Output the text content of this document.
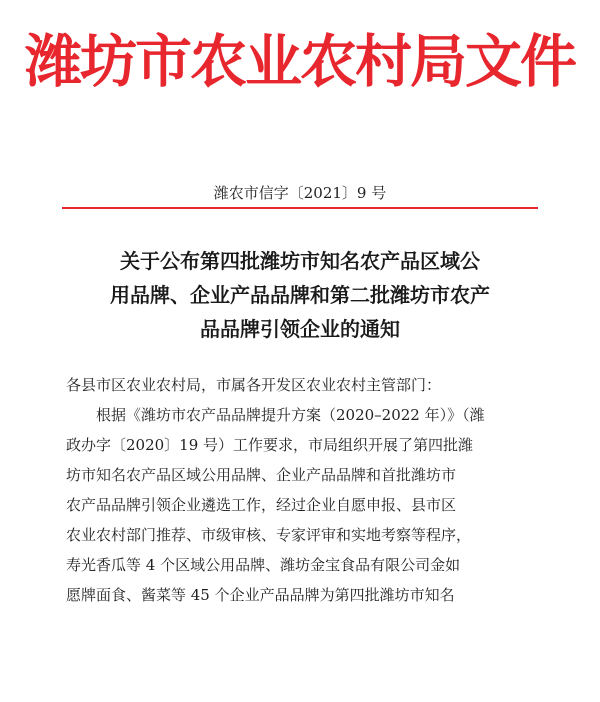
潍坊市农业农村局文件
潍农市信字〔2021〕9 号
关于公布第四批潍坊市知名农产品区域公
用品牌、企业产品品牌和第二批潍坊市农产
品品牌引领企业的通知
各县市区农业农村局，市属各开发区农业农村主管部门：
根据《潍坊市农产品品牌提升方案（2020–2022 年）》（潍
政办字〔2020〕19 号）工作要求，市局组织开展了第四批潍
坊市知名农产品区域公用品牌、企业产品品牌和首批潍坊市
农产品品牌引领企业遴选工作，经过企业自愿申报、县市区
农业农村部门推荐、市级审核、专家评审和实地考察等程序，
寿光香瓜等 4 个区域公用品牌、潍坊金宝食品有限公司金如
愿牌面食、酱菜等 45 个企业产品品牌为第四批潍坊市知名
